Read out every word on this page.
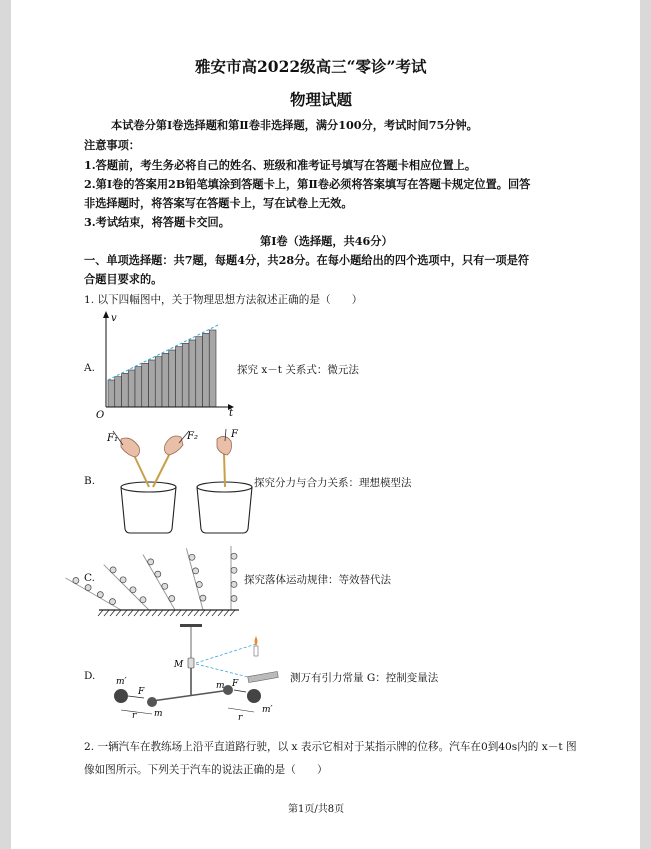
雅安市高2022级高三“零诊”考试
物理试题
本试卷分第Ⅰ卷选择题和第Ⅱ卷非选择题，满分100分，考试时间75分钟。
注意事项：
1.答题前，考生务必将自己的姓名、班级和准考证号填写在答题卡相应位置上。
2.第Ⅰ卷的答案用2B铅笔填涂到答题卡上，第Ⅱ卷必须将答案填写在答题卡规定位置。回答
非选择题时，将答案写在答题卡上，写在试卷上无效。
3.考试结束，将答题卡交回。
第Ⅰ卷（选择题，共46分）
一、单项选择题：共7题，每题4分，共28分。在每小题给出的四个选项中，只有一项是符
合题目要求的。
1. 以下四幅图中，关于物理思想方法叙述正确的是（　　）
A.
v
t
O
探究 x－t 关系式：微元法
B.
F₁	F₂	F
探究分力与合力关系：理想模型法
C.	探究落体运动规律：等效替代法
D.
M
m′
F
m
r
m F
r
m′
测万有引力常量 G：控制变量法
2. 一辆汽车在教练场上沿平直道路行驶，以 x 表示它相对于某指示牌的位移。汽车在0到40s内的 x－t 图
像如图所示。下列关于汽车的说法正确的是（　　）
第1页/共8页
